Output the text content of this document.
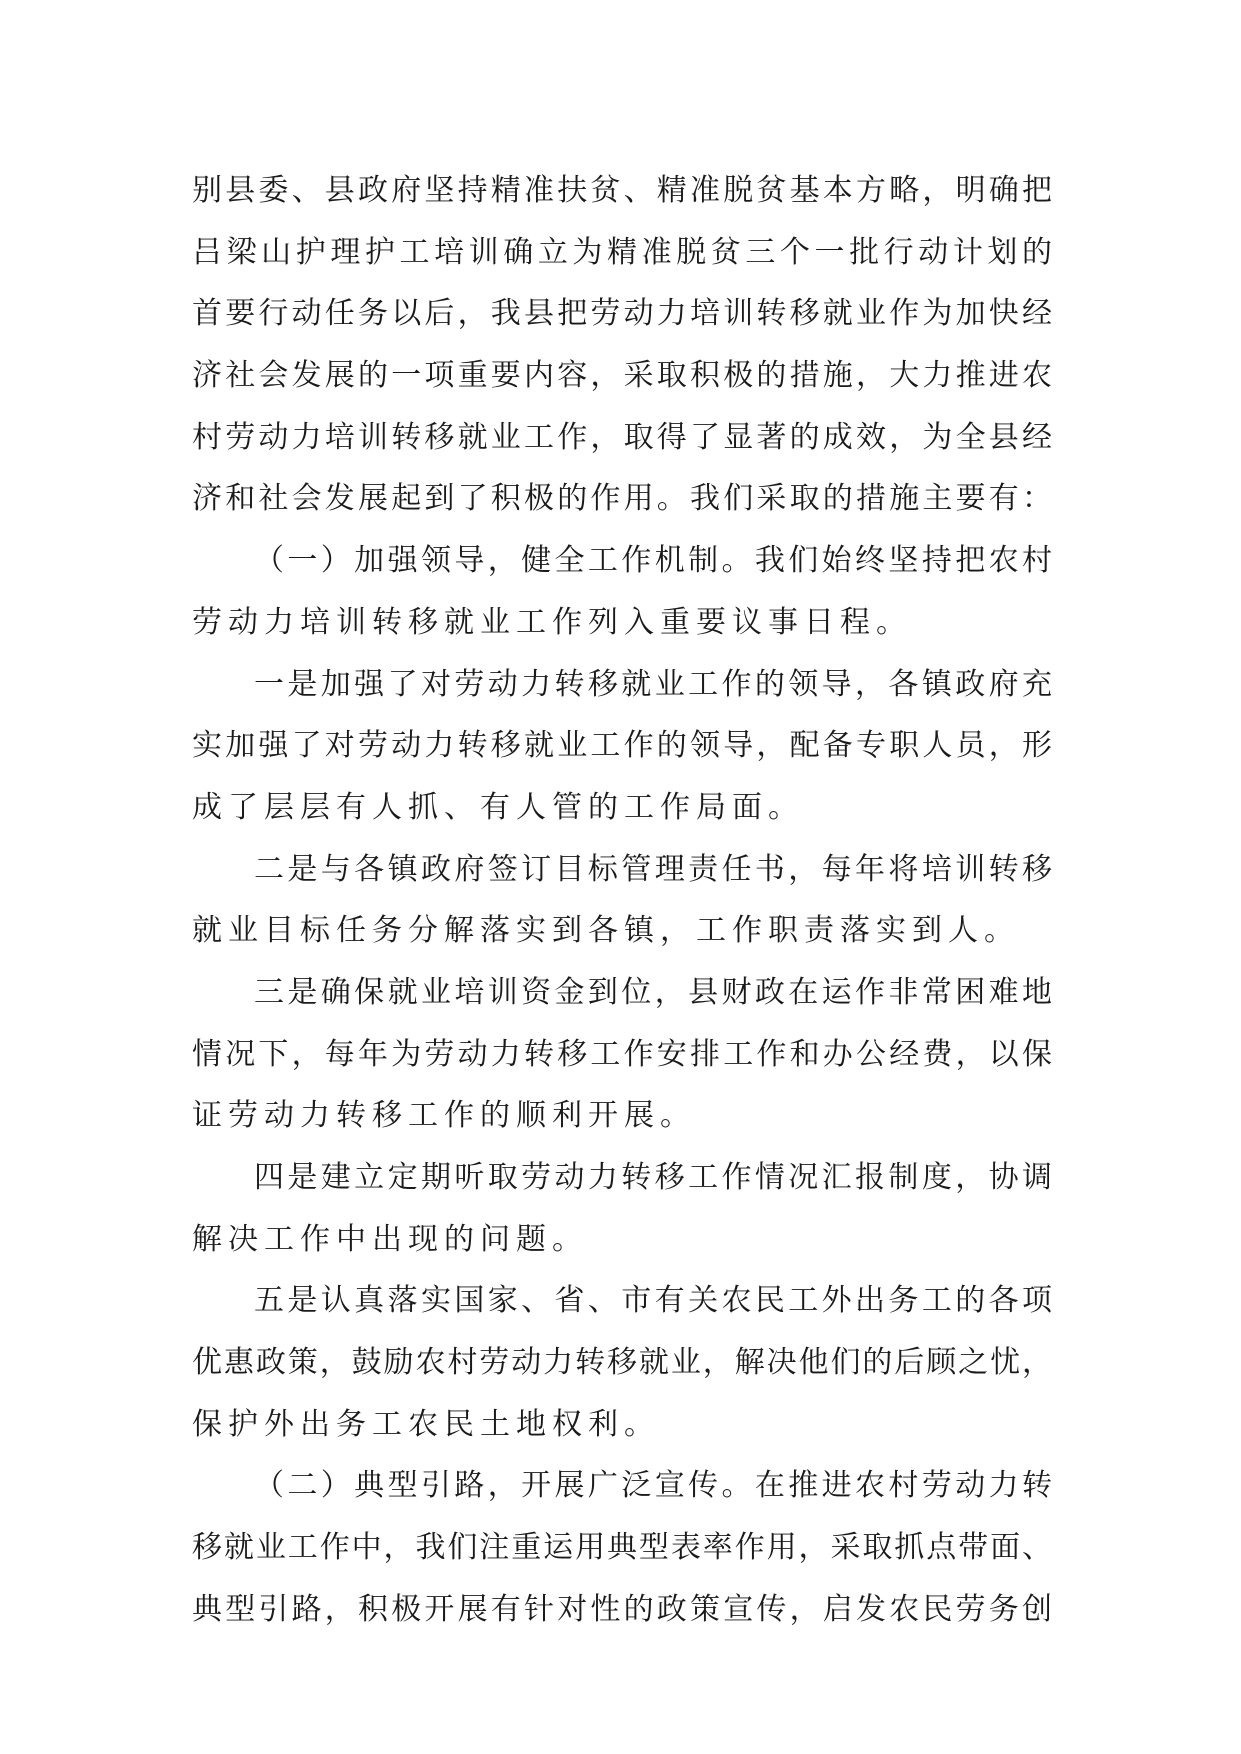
别县委、县政府坚持精准扶贫、精准脱贫基本方略，明确把
吕梁山护理护工培训确立为精准脱贫三个一批行动计划的
首要行动任务以后，我县把劳动力培训转移就业作为加快经
济社会发展的一项重要内容，采取积极的措施，大力推进农
村劳动力培训转移就业工作，取得了显著的成效，为全县经
济和社会发展起到了积极的作用。我们采取的措施主要有：
（一）加强领导，健全工作机制。我们始终坚持把农村
劳动力培训转移就业工作列入重要议事日程。
一是加强了对劳动力转移就业工作的领导，各镇政府充
实加强了对劳动力转移就业工作的领导，配备专职人员，形
成了层层有人抓、有人管的工作局面。
二是与各镇政府签订目标管理责任书，每年将培训转移
就业目标任务分解落实到各镇，工作职责落实到人。
三是确保就业培训资金到位，县财政在运作非常困难地
情况下，每年为劳动力转移工作安排工作和办公经费，以保
证劳动力转移工作的顺利开展。
四是建立定期听取劳动力转移工作情况汇报制度，协调
解决工作中出现的问题。
五是认真落实国家、省、市有关农民工外出务工的各项
优惠政策，鼓励农村劳动力转移就业，解决他们的后顾之忧，
保护外出务工农民土地权利。
（二）典型引路，开展广泛宣传。在推进农村劳动力转
移就业工作中，我们注重运用典型表率作用，采取抓点带面、
典型引路，积极开展有针对性的政策宣传，启发农民劳务创
